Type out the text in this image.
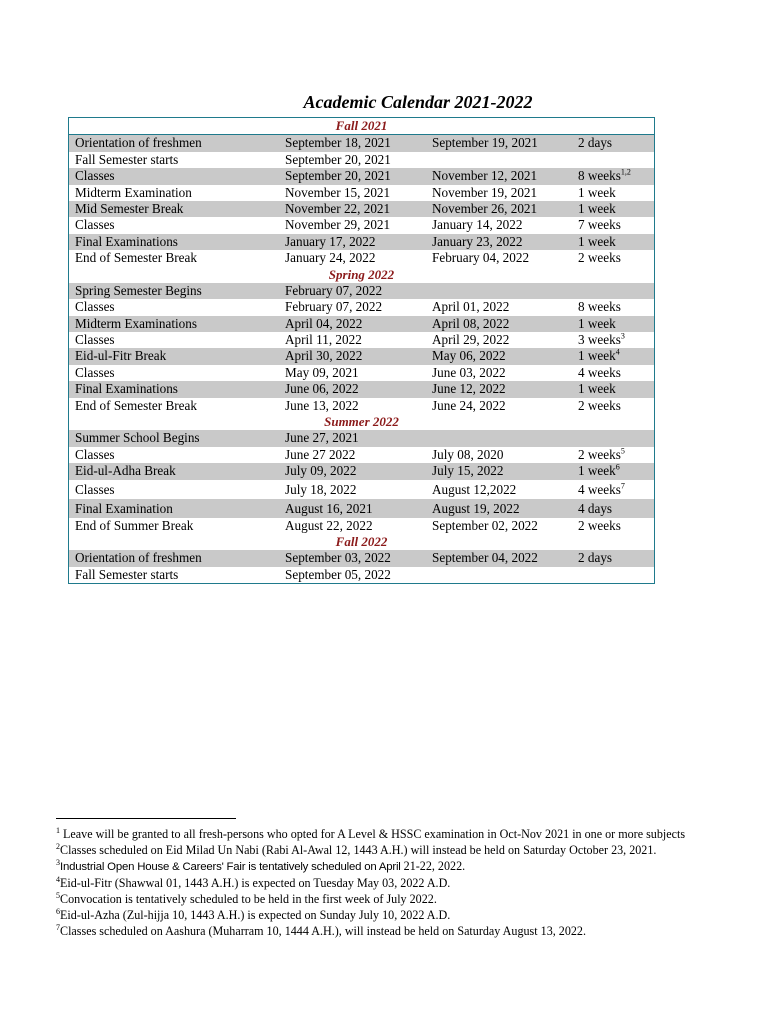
Academic Calendar 2021-2022
Fall 2021
Orientation of freshmen	September 18, 2021	September 19, 2021	2 days
Fall Semester starts	September 20, 2021
Classes	September 20, 2021	November 12, 2021	8 weeks$^{1,2}$
Midterm Examination	November 15, 2021	November 19, 2021	1 week
Mid Semester Break	November 22, 2021	November 26, 2021	1 week
Classes	November 29, 2021	January 14, 2022	7 weeks
Final Examinations	January 17, 2022	January 23, 2022	1 week
End of Semester Break	January 24, 2022	February 04, 2022	2 weeks
Spring 2022
Spring Semester Begins	February 07, 2022
Classes	February 07, 2022	April 01, 2022	8 weeks
Midterm Examinations	April 04, 2022	April 08, 2022	1 week
Classes	April 11, 2022	April 29, 2022	3 weeks$^3$
Eid-ul-Fitr Break	April 30, 2022	May 06, 2022	1 week$^4$
Classes	May 09, 2021	June 03, 2022	4 weeks
Final Examinations	June 06, 2022	June 12, 2022	1 week
End of Semester Break	June 13, 2022	June 24, 2022	2 weeks
Summer 2022
Summer School Begins	June 27, 2021
Classes	June 27 2022	July 08, 2020	2 weeks$^5$
Eid-ul-Adha Break	July 09, 2022	July 15, 2022	1 week$^6$
Classes	July 18, 2022	August 12,2022	4 weeks$^7$
Final Examination	August 16, 2021	August 19, 2022	4 days
End of Summer Break	August 22, 2022	September 02, 2022	2 weeks
Fall 2022
Orientation of freshmen	September 03, 2022	September 04, 2022	2 days
Fall Semester starts	September 05, 2022
$^1$ Leave will be granted to all fresh-persons who opted for A Level & HSSC examination in Oct-Nov 2021 in one or more subjects
$^2$Classes scheduled on Eid Milad Un Nabi (Rabi Al-Awal 12, 1443 A.H.) will instead be held on Saturday October 23, 2021.
$^3$Industrial Open House & Careers' Fair is tentatively scheduled on April 21-22, 2022.
$^4$Eid-ul-Fitr (Shawwal 01, 1443 A.H.) is expected on Tuesday May 03, 2022 A.D.
$^5$Convocation is tentatively scheduled to be held in the first week of July 2022.
$^6$Eid-ul-Azha (Zul-hijja 10, 1443 A.H.) is expected on Sunday July 10, 2022 A.D.
$^7$Classes scheduled on Aashura (Muharram 10, 1444 A.H.), will instead be held on Saturday August 13, 2022.
